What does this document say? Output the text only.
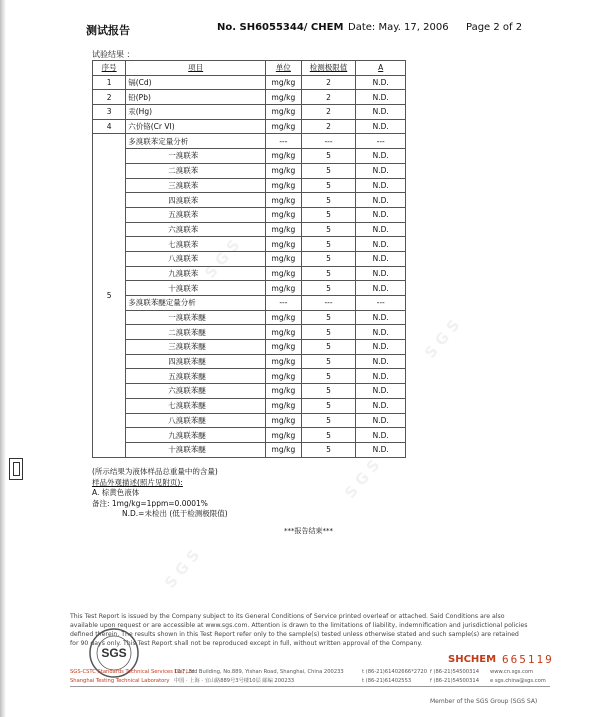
S G S
S G S
S G S
S G S
测试报告	No. SH6055344/ CHEM Date: May. 17, 2006 Page 2 of 2
试验结果 ：
序号	项目	单位	检测极限值	A
1	镉(Cd)	mg/kg	2	N.D.
2	铅(Pb)	mg/kg	2	N.D.
3	汞(Hg)	mg/kg	2	N.D.
4	六价铬(Cr VI)	mg/kg	2	N.D.
5	多溴联苯定量分析	---	---	---
	一溴联苯	mg/kg	5	N.D.
	二溴联苯	mg/kg	5	N.D.
	三溴联苯	mg/kg	5	N.D.
	四溴联苯	mg/kg	5	N.D.
	五溴联苯	mg/kg	5	N.D.
	六溴联苯	mg/kg	5	N.D.
	七溴联苯	mg/kg	5	N.D.
	八溴联苯	mg/kg	5	N.D.
	九溴联苯	mg/kg	5	N.D.
	十溴联苯	mg/kg	5	N.D.
	多溴联苯醚定量分析	---	---	---
	一溴联苯醚	mg/kg	5	N.D.
	二溴联苯醚	mg/kg	5	N.D.
	三溴联苯醚	mg/kg	5	N.D.
	四溴联苯醚	mg/kg	5	N.D.
	五溴联苯醚	mg/kg	5	N.D.
	六溴联苯醚	mg/kg	5	N.D.
	七溴联苯醚	mg/kg	5	N.D.
	八溴联苯醚	mg/kg	5	N.D.
	九溴联苯醚	mg/kg	5	N.D.
	十溴联苯醚	mg/kg	5	N.D.
(所示结果为液体样品总重量中的含量)
样品外观描述(照片见附页):
A. 棕黄色液体
备注: 1mg/kg=1ppm=0.0001%
N.D.=未检出 (低于检测极限值)
***报告结束***
This Test Report is issued by the Company subject to its General Conditions of Service printed overleaf or attached. Said Conditions are also
available upon request or are accessible at www.sgs.com. Attention is drawn to the limitations of liability, indemnification and jurisdictional policies
defined therein. The results shown in this Test Report refer only to the sample(s) tested unless otherwise stated and such sample(s) are retained
for 90 days only. This Test Report shall not be reproduced except in full, without written approval of the Company.
SGS	SHCHEM 665119
SGS-CSTC Standards Technical Services Co., Ltd.
Shanghai Testing Technical Laboratory
10/F, 3rd Building, No.889, Yishan Road, Shanghai, China 200233
中国 · 上海 · 宜山路889号3号楼10层 邮编 200233
t (86-21)61402666*2720
t (86-21)61402553
f (86-21)54500314
f (86-21)54500314
www.cn.sgs.com
e sgs.china@sgs.com
Member of the SGS Group (SGS SA)
